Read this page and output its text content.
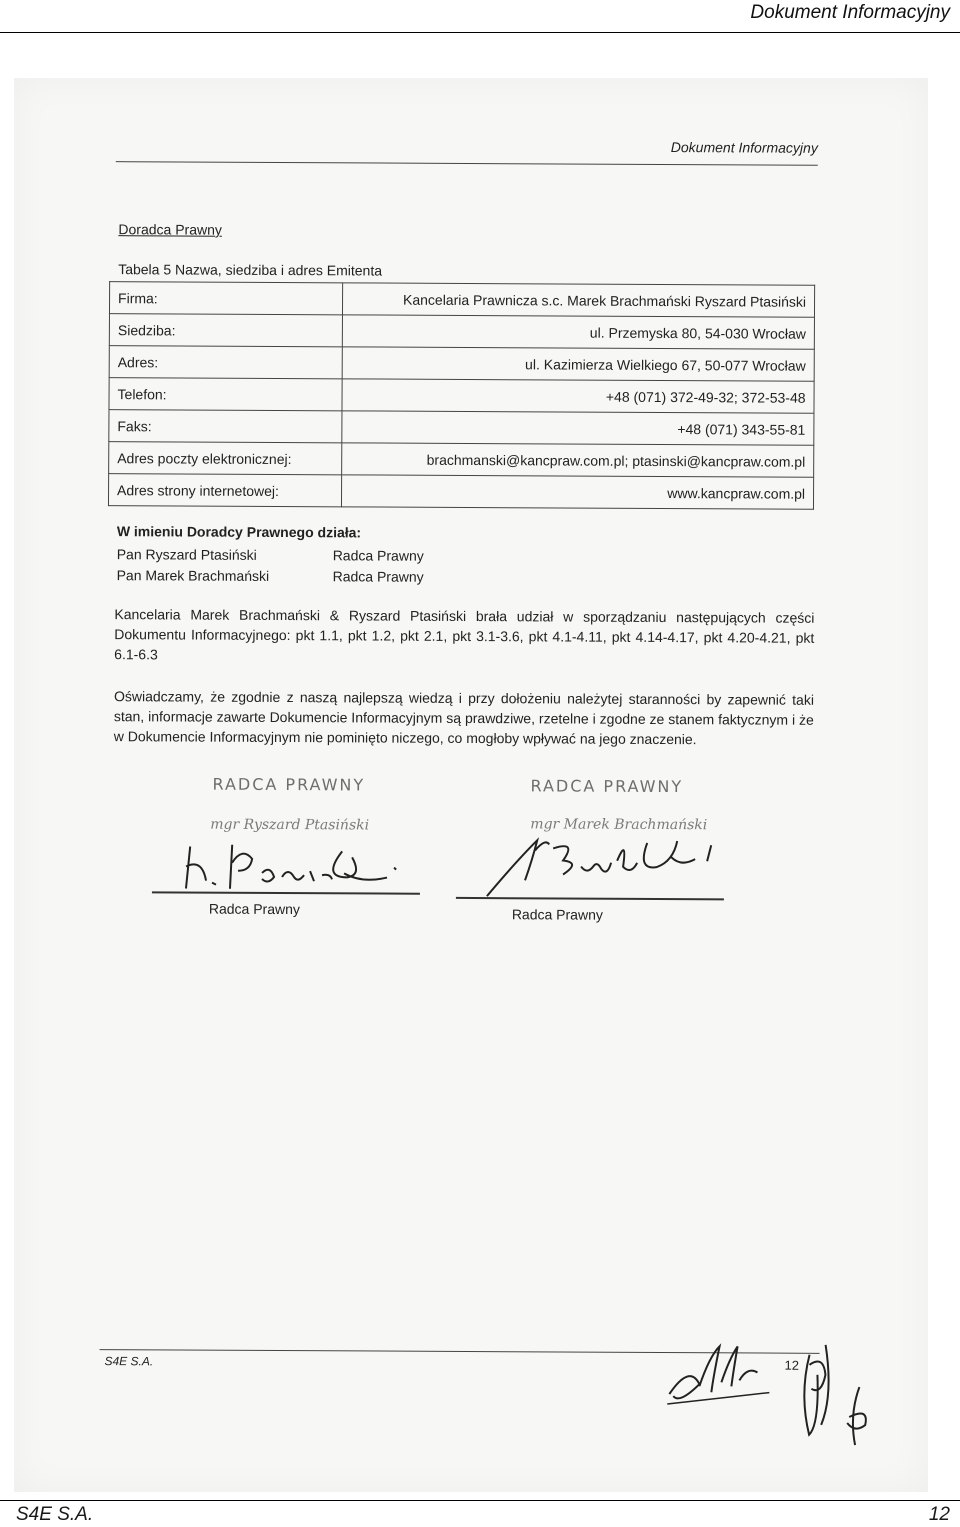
Dokument Informacyjny
Dokument Informacyjny
Doradca Prawny
Tabela 5 Nazwa, siedziba i adres Emitenta
Firma:	Kancelaria Prawnicza s.c. Marek Brachmański Ryszard Ptasiński
Siedziba:	ul. Przemyska 80, 54-030 Wrocław
Adres:	ul. Kazimierza Wielkiego 67, 50-077 Wrocław
Telefon:	+48 (071) 372-49-32; 372-53-48
Faks:	+48 (071) 343-55-81
Adres poczty elektronicznej:	brachmanski@kancpraw.com.pl; ptasinski@kancpraw.com.pl
Adres strony internetowej:	www.kancpraw.com.pl
W imieniu Doradcy Prawnego działa:
Pan Ryszard Ptasiński	Radca Prawny
Pan Marek Brachmański	Radca Prawny
Kancelaria Marek Brachmański & Ryszard Ptasiński brała udział w sporządzaniu następujących części Dokumentu Informacyjnego: pkt 1.1, pkt 1.2, pkt 2.1, pkt 3.1-3.6, pkt 4.1-4.11, pkt 4.14-4.17, pkt 4.20-4.21, pkt 6.1-6.3
Oświadczamy, że zgodnie z naszą najlepszą wiedzą i przy dołożeniu należytej staranności by zapewnić taki stan, informacje zawarte Dokumencie Informacyjnym są prawdziwe, rzetelne i zgodne ze stanem faktycznym i że w Dokumencie Informacyjnym nie pominięto niczego, co mogłoby wpływać na jego znaczenie.
RADCA PRAWNY
mgr Ryszard Ptasiński
Radca Prawny
RADCA PRAWNY
mgr Marek Brachmański
Radca Prawny
S4E S.A.	12
S4E S.A.	12
